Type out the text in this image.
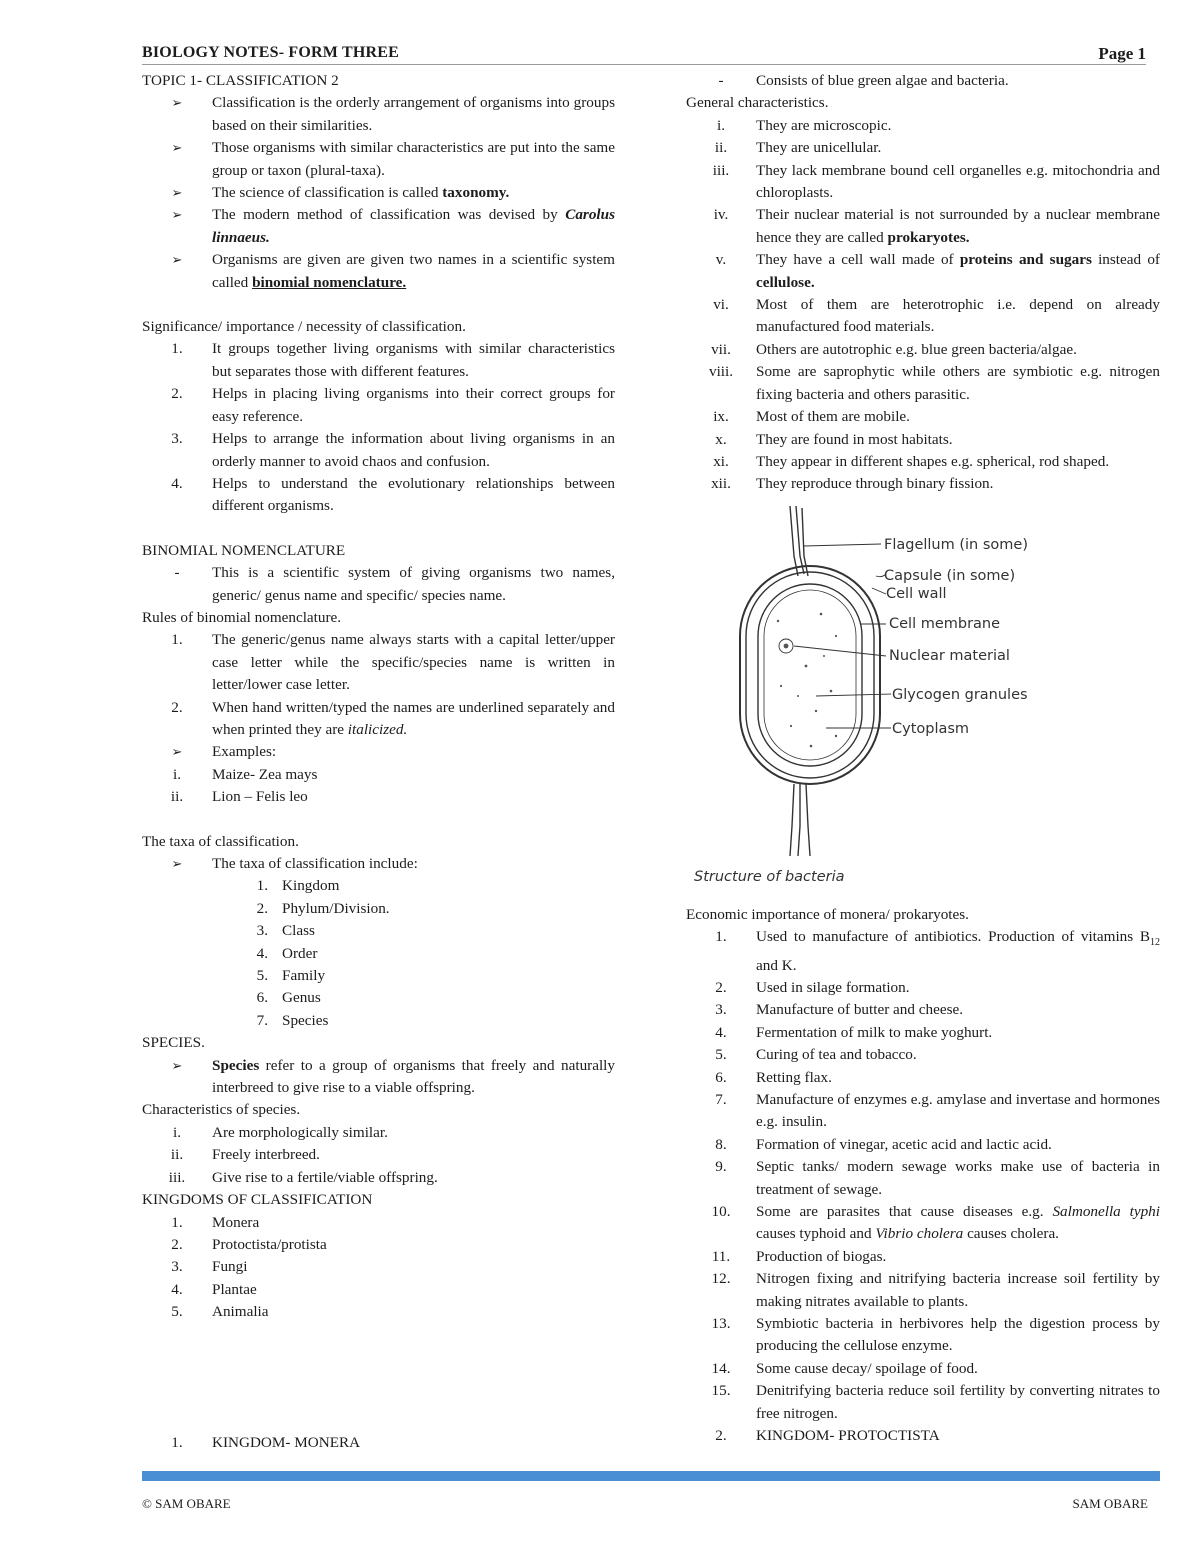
BIOLOGY NOTES- FORM THREE	Page 1
TOPIC 1- CLASSIFICATION 2
➢	Classification is the orderly arrangement of organisms into groups based on their similarities.
➢	Those organisms with similar characteristics are put into the same group or taxon (plural-taxa).
➢	The science of classification is called taxonomy.
➢	The modern method of classification was devised by Carolus linnaeus.
➢	Organisms are given are given two names in a scientific system called binomial nomenclature.
Significance/ importance / necessity of classification.
1.	It groups together living organisms with similar characteristics but separates those with different features.
2.	Helps in placing living organisms into their correct groups for easy reference.
3.	Helps to arrange the information about living organisms in an orderly manner to avoid chaos and confusion.
4.	Helps to understand the evolutionary relationships between different organisms.
BINOMIAL NOMENCLATURE
-	This is a scientific system of giving organisms two names, generic/ genus name and specific/ species name.
Rules of binomial nomenclature.
1.	The generic/genus name always starts with a capital letter/upper case letter while the specific/species name is written in letter/lower case letter.
2.	When hand written/typed the names are underlined separately and when printed they are italicized.
➢	Examples:
i.	Maize- Zea mays
ii.	Lion – Felis leo
The taxa of classification.
➢	The taxa of classification include:
1. Kingdom
2. Phylum/Division.
3. Class
4. Order
5. Family
6. Genus
7. Species
SPECIES.
➢	Species refer to a group of organisms that freely and naturally interbreed to give rise to a viable offspring.
Characteristics of species.
i.	Are morphologically similar.
ii.	Freely interbreed.
iii.	Give rise to a fertile/viable offspring.
KINGDOMS OF CLASSIFICATION
1.	Monera
2.	Protoctista/protista
3.	Fungi
4.	Plantae
5.	Animalia
1.	KINGDOM- MONERA
-	Consists of blue green algae and bacteria.
General characteristics.
i.	They are microscopic.
ii.	They are unicellular.
iii.	They lack membrane bound cell organelles e.g. mitochondria and chloroplasts.
iv.	Their nuclear material is not surrounded by a nuclear membrane hence they are called prokaryotes.
v.	They have a cell wall made of proteins and sugars instead of cellulose.
vi.	Most of them are heterotrophic i.e. depend on already manufactured food materials.
vii.	Others are autotrophic e.g. blue green bacteria/algae.
viii.	Some are saprophytic while others are symbiotic e.g. nitrogen fixing bacteria and others parasitic.
ix.	Most of them are mobile.
x.	They are found in most habitats.
xi.	They appear in different shapes e.g. spherical, rod shaped.
xii.	They reproduce through binary fission.
Flagellum (in some)
Capsule (in some)
Cell wall
Cell membrane
Nuclear material
Glycogen granules
Cytoplasm
Structure of bacteria
Economic importance of monera/ prokaryotes.
1.	Used to manufacture of antibiotics. Production of vitamins $B_{12}$ and K.
2.	Used in silage formation.
3.	Manufacture of butter and cheese.
4.	Fermentation of milk to make yoghurt.
5.	Curing of tea and tobacco.
6.	Retting flax.
7.	Manufacture of enzymes e.g. amylase and invertase and hormones e.g. insulin.
8.	Formation of vinegar, acetic acid and lactic acid.
9.	Septic tanks/ modern sewage works make use of bacteria in treatment of sewage.
10.	Some are parasites that cause diseases e.g. Salmonella typhi causes typhoid and Vibrio cholera causes cholera.
11.	Production of biogas.
12.	Nitrogen fixing and nitrifying bacteria increase soil fertility by making nitrates available to plants.
13.	Symbiotic bacteria in herbivores help the digestion process by producing the cellulose enzyme.
14.	Some cause decay/ spoilage of food.
15.	Denitrifying bacteria reduce soil fertility by converting nitrates to free nitrogen.
2.	KINGDOM- PROTOCTISTA
© SAM OBARE	SAM OBARE
